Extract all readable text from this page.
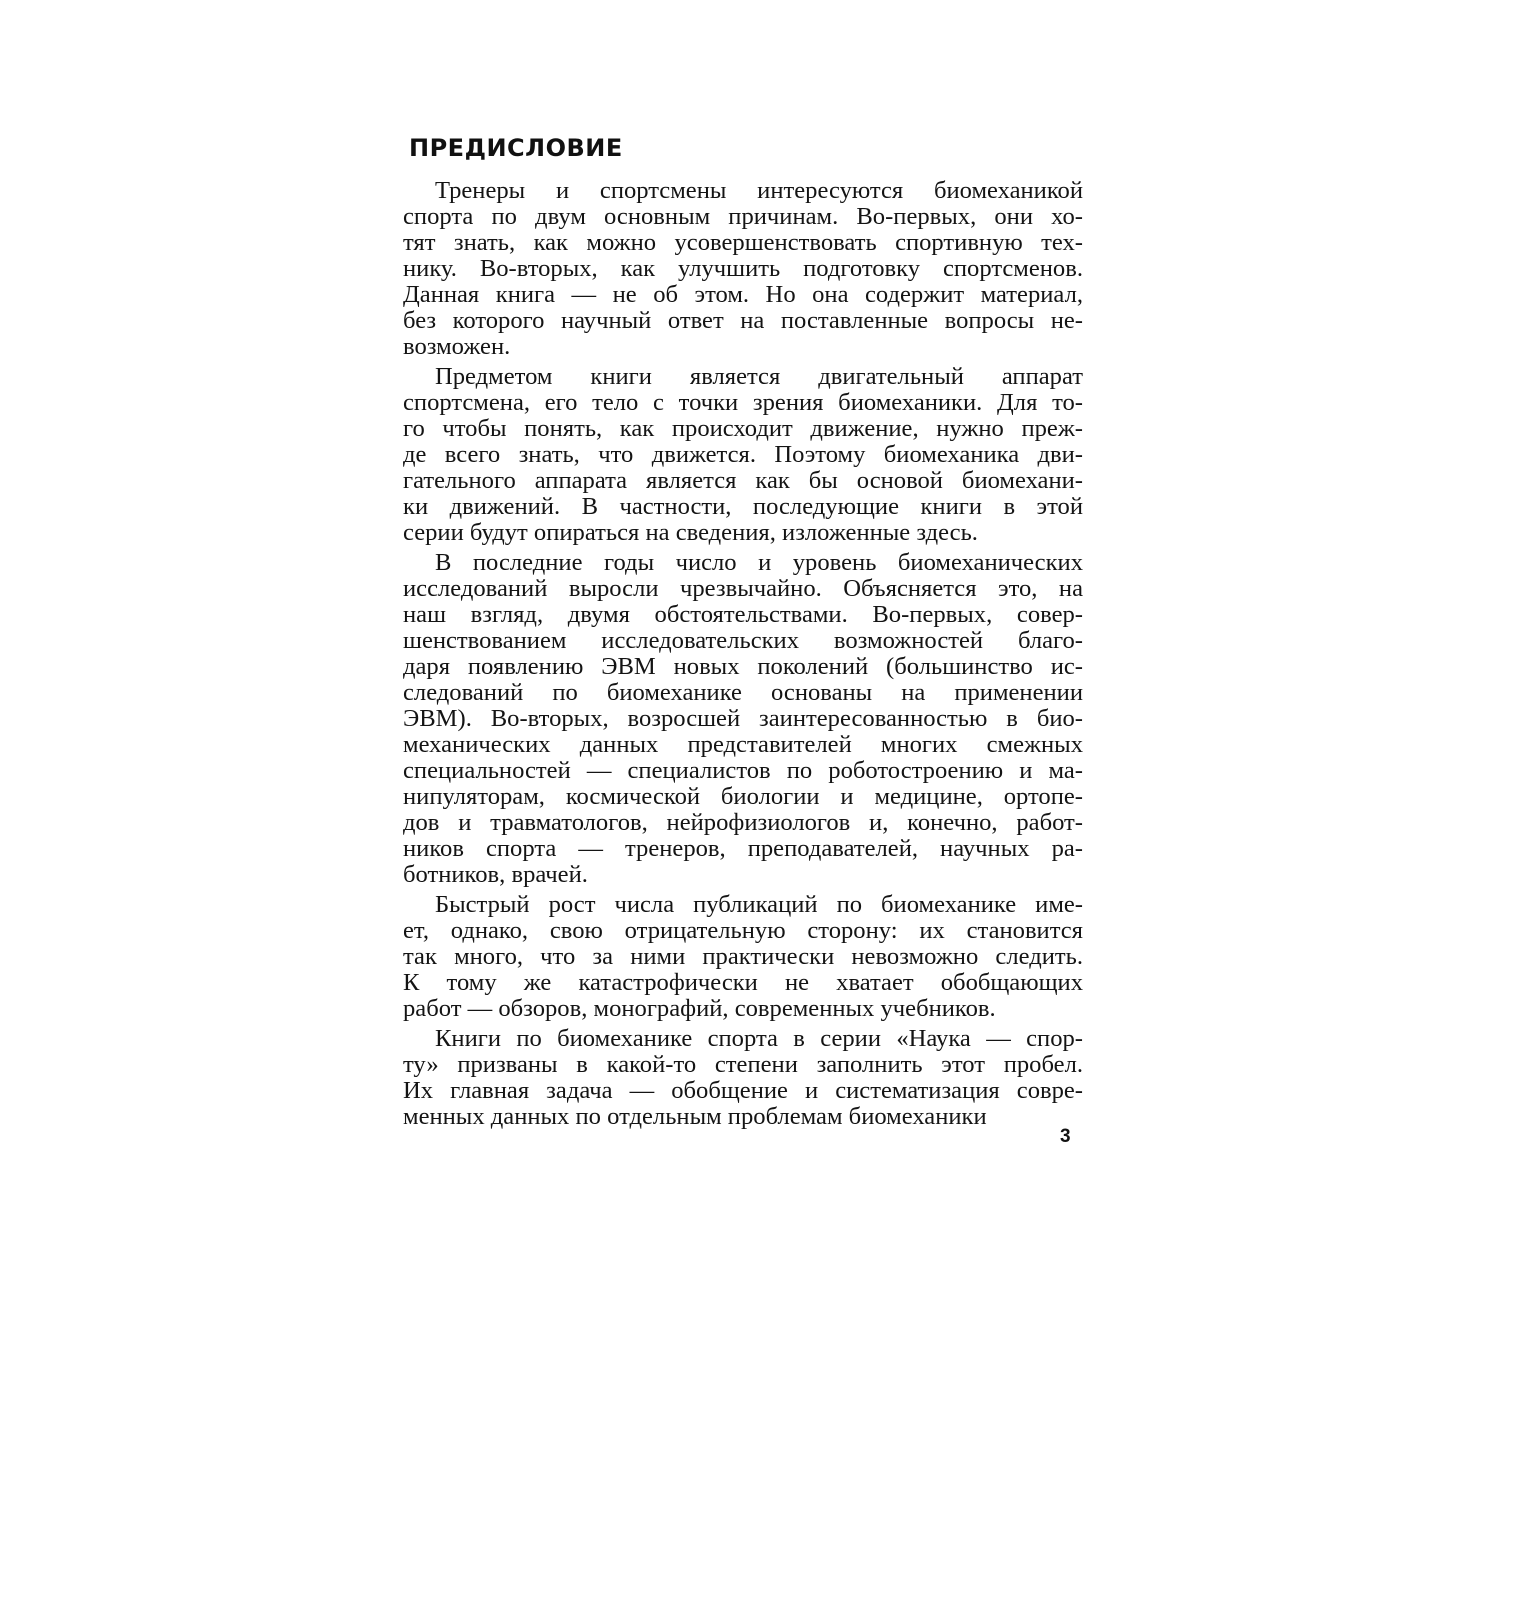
ПРЕДИСЛОВИЕ
Тренеры и спортсмены интересуются биомеханикой
спорта по двум основным причинам. Во-первых, они хо-
тят знать, как можно усовершенствовать спортивную тех-
нику. Во-вторых, как улучшить подготовку спортсменов.
Данная книга — не об этом. Но она содержит материал,
без которого научный ответ на поставленные вопросы не-
возможен.
Предметом книги является двигательный аппарат
спортсмена, его тело с точки зрения биомеханики. Для то-
го чтобы понять, как происходит движение, нужно преж-
де всего знать, что движется. Поэтому биомеханика дви-
гательного аппарата является как бы основой биомехани-
ки движений. В частности, последующие книги в этой
серии будут опираться на сведения, изложенные здесь.
В последние годы число и уровень биомеханических
исследований выросли чрезвычайно. Объясняется это, на
наш взгляд, двумя обстоятельствами. Во-первых, совер-
шенствованием исследовательских возможностей благо-
даря появлению ЭВМ новых поколений (большинство ис-
следований по биомеханике основаны на применении
ЭВМ). Во-вторых, возросшей заинтересованностью в био-
механических данных представителей многих смежных
специальностей — специалистов по роботостроению и ма-
нипуляторам, космической биологии и медицине, ортопе-
дов и травматологов, нейрофизиологов и, конечно, работ-
ников спорта — тренеров, преподавателей, научных ра-
ботников, врачей.
Быстрый рост числа публикаций по биомеханике име-
ет, однако, свою отрицательную сторону: их становится
так много, что за ними практически невозможно следить.
К тому же катастрофически не хватает обобщающих
работ — обзоров, монографий, современных учебников.
Книги по биомеханике спорта в серии «Наука — спор-
ту» призваны в какой-то степени заполнить этот пробел.
Их главная задача — обобщение и систематизация совре-
менных данных по отдельным проблемам биомеханики

3
